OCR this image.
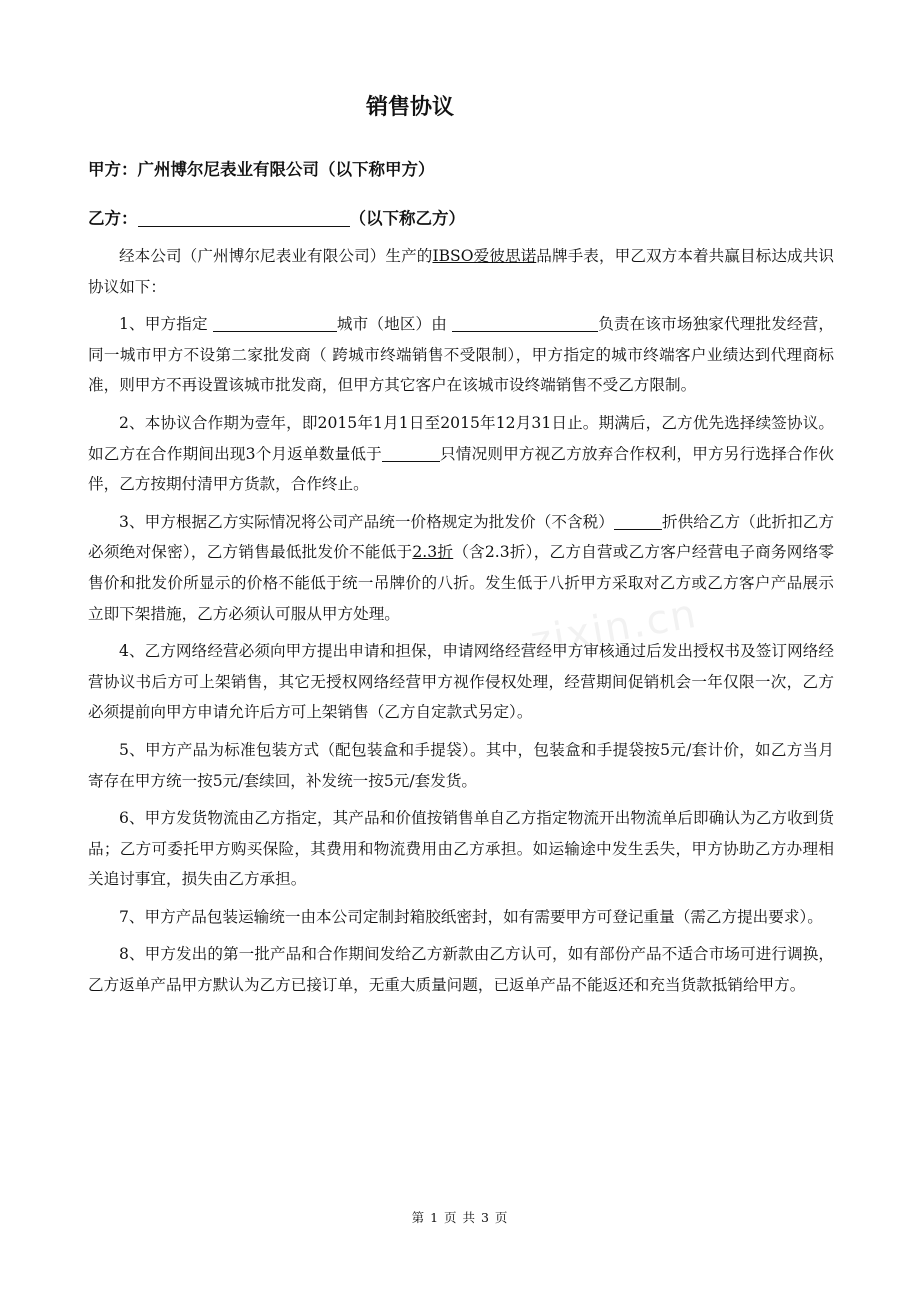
销售协议
甲方：广州博尔尼表业有限公司（以下称甲方）
乙方：	（以下称乙方）

经本公司（广州博尔尼表业有限公司）生产的IBSO爱彼思诺品牌手表，甲乙双方本着共赢目标达成共识协议如下：

1、甲方指定	城市（地区）由	负责在该市场独家代理批发经营，同一城市甲方不设第二家批发商（ 跨城市终端销售不受限制），甲方指定的城市终端客户业绩达到代理商标准，则甲方不再设置该城市批发商，但甲方其它客户在该城市设终端销售不受乙方限制。

2、本协议合作期为壹年，即2015年1月1日至2015年12月31日止。期满后，乙方优先选择续签协议。如乙方在合作期间出现3个月返单数量低于	只情况则甲方视乙方放弃合作权利，甲方另行选择合作伙伴，乙方按期付清甲方货款，合作终止。

3、甲方根据乙方实际情况将公司产品统一价格规定为批发价（不含税）	折供给乙方（此折扣乙方必须绝对保密），乙方销售最低批发价不能低于2.3折（含2.3折），乙方自营或乙方客户经营电子商务网络零售价和批发价所显示的价格不能低于统一吊牌价的八折。发生低于八折甲方采取对乙方或乙方客户产品展示立即下架措施，乙方必须认可服从甲方处理。

4、乙方网络经营必须向甲方提出申请和担保，申请网络经营经甲方审核通过后发出授权书及签订网络经营协议书后方可上架销售，其它无授权网络经营甲方视作侵权处理，经营期间促销机会一年仅限一次，乙方必须提前向甲方申请允许后方可上架销售（乙方自定款式另定）。

5、甲方产品为标准包装方式（配包装盒和手提袋）。其中，包装盒和手提袋按5元/套计价，如乙方当月寄存在甲方统一按5元/套续回，补发统一按5元/套发货。

6、甲方发货物流由乙方指定，其产品和价值按销售单自乙方指定物流开出物流单后即确认为乙方收到货品；乙方可委托甲方购买保险，其费用和物流费用由乙方承担。如运输途中发生丢失，甲方协助乙方办理相关追讨事宜，损失由乙方承担。

7、甲方产品包装运输统一由本公司定制封箱胶纸密封，如有需要甲方可登记重量（需乙方提出要求）。

8、甲方发出的第一批产品和合作期间发给乙方新款由乙方认可，如有部份产品不适合市场可进行调换，乙方返单产品甲方默认为乙方已接订单，无重大质量问题，已返单产品不能返还和充当货款抵销给甲方。

zixin.cn
第 1 页 共 3 页
